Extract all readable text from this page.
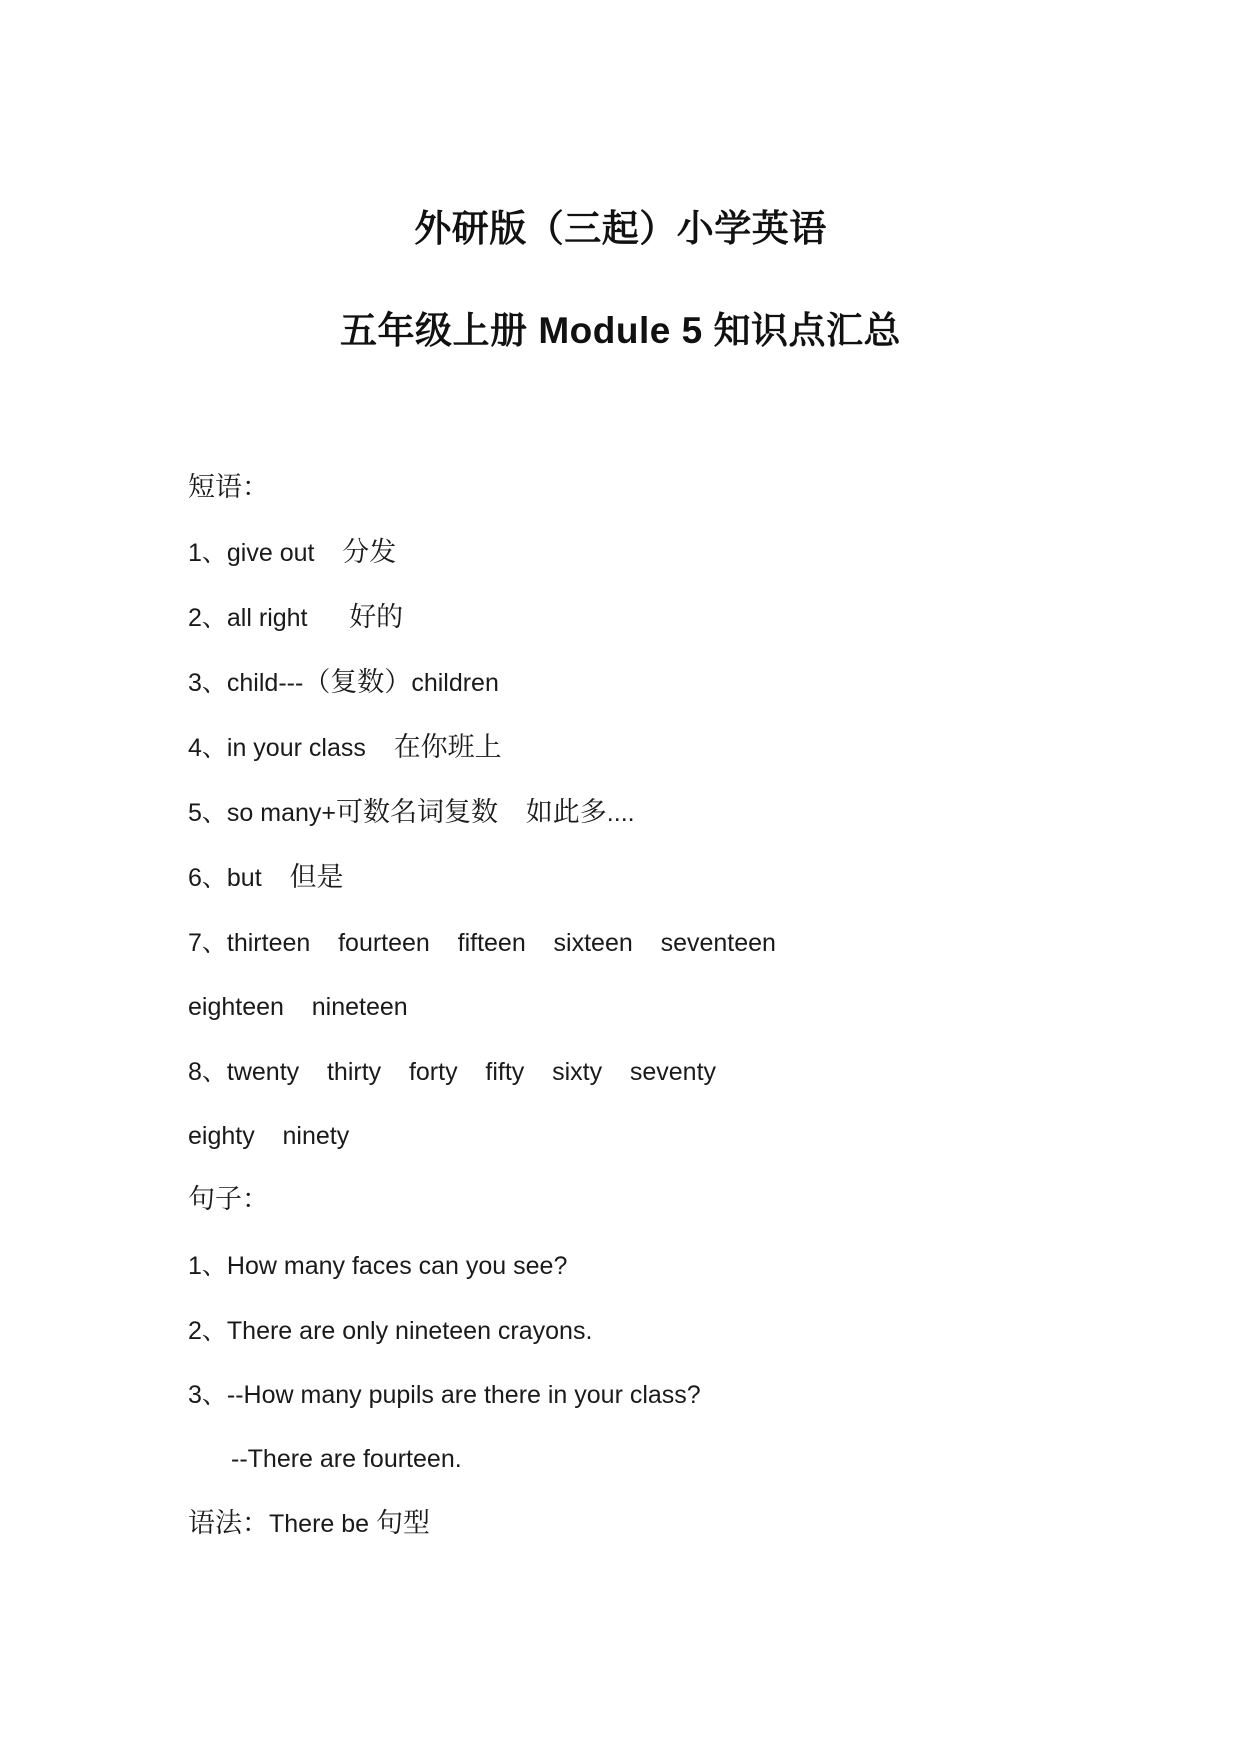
外研版（三起）小学英语
五年级上册 Module 5 知识点汇总
短语：
1、give out 分发
2、all right 好的
3、child---（复数）children
4、in your class 在你班上
5、so many+可数名词复数 如此多....
6、but 但是
7、thirteen fourteen fifteen sixteen seventeen
eighteen nineteen
8、twenty thirty forty fifty sixty seventy
eighty ninety
句子：
1、How many faces can you see?
2、There are only nineteen crayons.
3、--How many pupils are there in your class?
--There are fourteen.
语法：There be 句型
